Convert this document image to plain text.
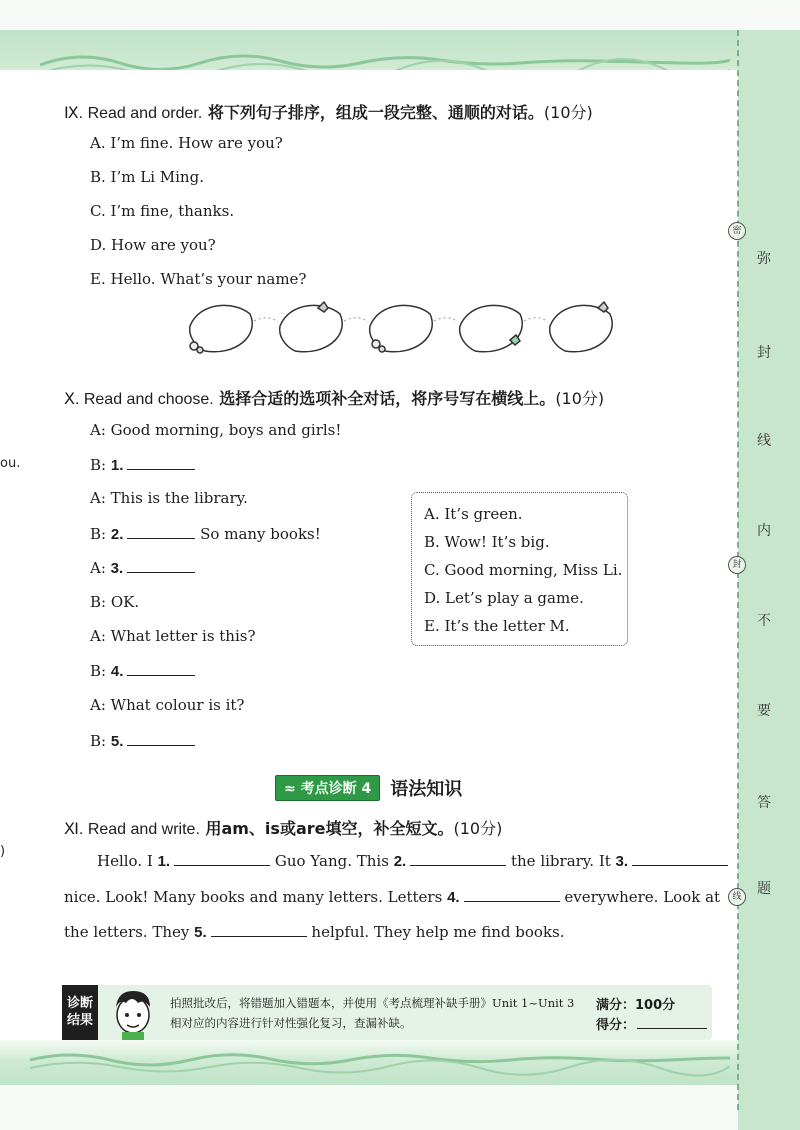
密
封
线
弥
封
线
内
不
要
答
题
ou.
)
Ⅸ. Read and order. 将下列句子排序，组成一段完整、通顺的对话。(10分)
A. I’m fine. How are you?
B. I’m Li Ming.
C. I’m fine, thanks.
D. How are you?
E. Hello. What’s your name?
Ⅹ. Read and choose. 选择合适的选项补全对话，将序号写在横线上。(10分)
A: Good morning, boys and girls!
B: 1.
A: This is the library.
B: 2.	So many books!
A: 3.
B: OK.
A: What letter is this?
B: 4.
A: What colour is it?
B: 5.
A. It’s green.
B. Wow! It’s big.
C. Good morning, Miss Li.
D. Let’s play a game.
E. It’s the letter M.
≈ 考点诊断 4	语法知识
Ⅺ. Read and write. 用am、is或are填空，补全短文。(10分)
Hello. I 1.	Guo Yang. This 2.	the library. It 3.
nice. Look! Many books and many letters. Letters 4.	everywhere. Look at
the letters. They 5.	helpful. They help me find books.
诊断
结果
拍照批改后，将错题加入错题本，并使用《考点梳理补缺手册》Unit 1~Unit 3
相对应的内容进行针对性强化复习，查漏补缺。
满分：100分
得分：
